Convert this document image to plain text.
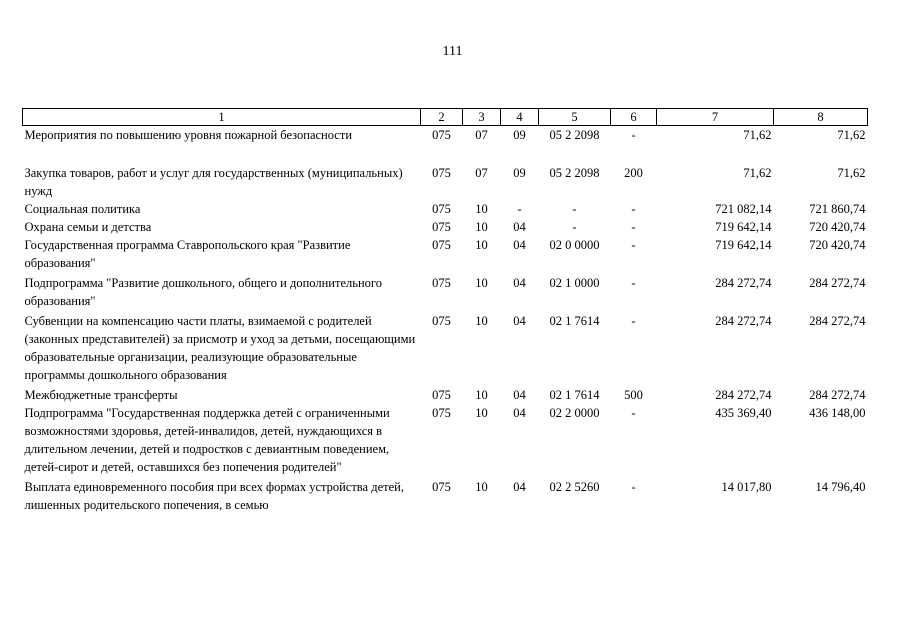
111
1	2	3	4	5	6	7	8
Мероприятия по повышению уровня пожарной безопасности	075	07	09	05 2 2098	-	71,62	71,62

Закупка товаров, работ и услуг для государственных (муниципальных) нужд	075	07	09	05 2 2098	200	71,62	71,62
Социальная политика	075	10	-	-	-	721 082,14	721 860,74
Охрана семьи и детства	075	10	04	-	-	719 642,14	720 420,74
Государственная программа Ставропольского края "Развитие образования"	075	10	04	02 0 0000	-	719 642,14	720 420,74
Подпрограмма "Развитие дошкольного, общего и дополнительного образования"	075	10	04	02 1 0000	-	284 272,74	284 272,74
Субвенции на компенсацию части платы, взимаемой с родителей (законных представителей) за присмотр и уход за детьми, посещающими образовательные организации, реализующие образовательные программы дошкольного образования	075	10	04	02 1 7614	-	284 272,74	284 272,74
Межбюджетные трансферты	075	10	04	02 1 7614	500	284 272,74	284 272,74
Подпрограмма "Государственная поддержка детей с ограниченными возможностями здоровья, детей-инвалидов, детей, нуждающихся в длительном лечении, детей и подростков с девиантным поведением, детей-сирот и детей, оставшихся без попечения родителей"	075	10	04	02 2 0000	-	435 369,40	436 148,00
Выплата единовременного пособия при всех формах устройства детей, лишенных родительского попечения, в семью	075	10	04	02 2 5260	-	14 017,80	14 796,40
